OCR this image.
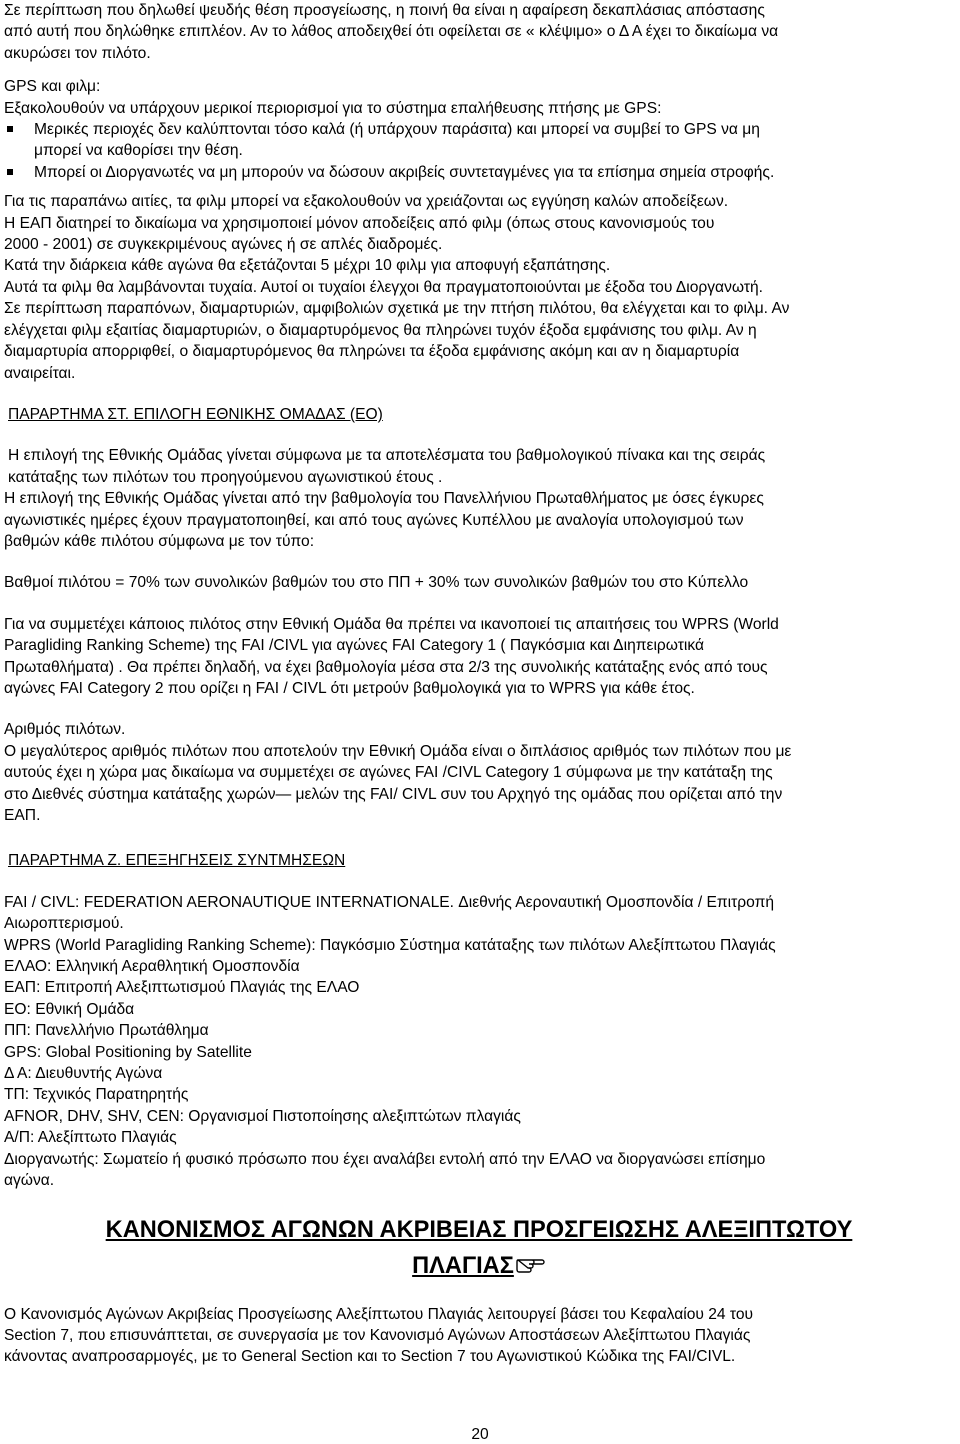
Σε περίπτωση που δηλωθεί ψευδής θέση προσγείωσης, η ποινή θα είναι η αφαίρεση δεκαπλάσιας απόστασης

από αυτή που δηλώθηκε επιπλέον. Αν το λάθος αποδειχθεί ότι οφείλεται σε « κλέψιμο» ο Δ Α έχει το δικαίωμα να

ακυρώσει τον πιλότο.

GPS και φιλμ:

Εξακολουθούν να υπάρχουν μερικοί περιορισμοί για το σύστημα επαλήθευσης πτήσης με GPS:

Μερικές περιοχές δεν καλύπτονται τόσο καλά (ή υπάρχουν παράσιτα) και μπορεί να συμβεί το GPS να μη
μπορεί να καθορίσει την θέση.
Μπορεί οι Διοργανωτές να μη μπορούν να δώσουν ακριβείς συντεταγμένες για τα επίσημα σημεία στροφής.

Για τις παραπάνω αιτίες, τα φιλμ μπορεί να εξακολουθούν να χρειάζονται ως εγγύηση καλών αποδείξεων.

Η ΕΑΠ διατηρεί το δικαίωμα να χρησιμοποιεί μόνον αποδείξεις από φιλμ (όπως στους κανονισμούς του

2000 - 2001) σε συγκεκριμένους αγώνες ή σε απλές διαδρομές.

Κατά την διάρκεια κάθε αγώνα θα εξετάζονται 5 μέχρι 10 φιλμ για αποφυγή εξαπάτησης.

Αυτά τα φιλμ θα λαμβάνονται τυχαία. Αυτοί οι τυχαίοι έλεγχοι θα πραγματοποιούνται με έξοδα του Διοργανωτή.

Σε περίπτωση παραπόνων, διαμαρτυριών, αμφιβολιών σχετικά με την πτήση πιλότου, θα ελέγχεται και το φιλμ. Αν

ελέγχεται φιλμ εξαιτίας διαμαρτυριών, ο διαμαρτυρόμενος θα πληρώνει τυχόν έξοδα εμφάνισης του φιλμ. Αν η

διαμαρτυρία απορριφθεί, ο διαμαρτυρόμενος θα πληρώνει τα έξοδα εμφάνισης ακόμη και αν η διαμαρτυρία

αναιρείται.

ΠΑΡΑΡΤΗΜΑ ΣΤ. ΕΠΙΛΟΓΗ ΕΘΝΙΚΗΣ ΟΜΑΔΑΣ (ΕΟ)

Η επιλογή της Εθνικής Ομάδας γίνεται σύμφωνα με τα αποτελέσματα του βαθμολογικού πίνακα και της σειράς

κατάταξης των πιλότων του προηγούμενου αγωνιστικού έτους .

Η επιλογή της Εθνικής Ομάδας γίνεται από την βαθμολογία του Πανελλήνιου Πρωταθλήματος με όσες έγκυρες

αγωνιστικές ημέρες έχουν πραγματοποιηθεί, και από τους αγώνες Κυπέλλου με αναλογία υπολογισμού των

βαθμών κάθε πιλότου σύμφωνα με τον τύπο:

Βαθμοί πιλότου = 70% των συνολικών βαθμών του στο ΠΠ + 30% των συνολικών βαθμών του στο Κύπελλο

Για να συμμετέχει κάποιος πιλότος στην Εθνική Ομάδα θα πρέπει να ικανοποιεί τις απαιτήσεις του WPRS (World

Paragliding Ranking Scheme) της FAI /CIVL για αγώνες FAI Category 1 ( Παγκόσμια και Διηπειρωτικά

Πρωταθλήματα) . Θα πρέπει δηλαδή, να έχει βαθμολογία μέσα στα 2/3 της συνολικής κατάταξης ενός από τους

αγώνες FAI Category 2 που ορίζει η FAI / CIVL ότι μετρούν βαθμολογικά για το WPRS για κάθε έτος.

Αριθμός πιλότων.

Ο μεγαλύτερος αριθμός πιλότων που αποτελούν την Εθνική Ομάδα είναι ο διπλάσιος αριθμός των πιλότων που με

αυτούς έχει η χώρα μας δικαίωμα να συμμετέχει σε αγώνες FAI /CIVL Category 1 σύμφωνα με την κατάταξη της

στο Διεθνές σύστημα κατάταξης χωρών— μελών της FAI/ CIVL συν του Αρχηγό της ομάδας που ορίζεται από την

ΕΑΠ.

ΠΑΡΑΡΤΗΜΑ Ζ. ΕΠΕΞΗΓΗΣΕΙΣ ΣΥΝΤΜΗΣΕΩΝ

FAI / CIVL: FEDERATION AERONAUTIQUE INTERNATIONALE. Διεθνής Αεροναυτική Ομοσπονδία / Επιτροπή

Αιωροπτερισμού.

WPRS (World Paragliding Ranking Scheme): Παγκόσμιο Σύστημα κατάταξης των πιλότων Αλεξίπτωτου Πλαγιάς

ΕΛΑΟ: Ελληνική Αεραθλητική Ομοσπονδία

ΕΑΠ: Επιτροπή Αλεξιπτωτισμού Πλαγιάς της ΕΛΑΟ

ΕΟ: Εθνική Ομάδα

ΠΠ: Πανελλήνιο Πρωτάθλημα

GPS: Global Positioning by Satellite

Δ Α: Διευθυντής Αγώνα

ΤΠ: Τεχνικός Παρατηρητής

AFNOR, DHV, SHV, CEN: Οργανισμοί Πιστοποίησης αλεξιπτώτων πλαγιάς

Α/Π: Αλεξίπτωτο Πλαγιάς

Διοργανωτής: Σωματείο ή φυσικό πρόσωπο που έχει αναλάβει εντολή από την ΕΛΑΟ να διοργανώσει επίσημο

αγώνα.

ΚΑΝΟΝΙΣΜΟΣ ΑΓΩΝΩΝ ΑΚΡΙΒΕΙΑΣ ΠΡΟΣΓΕΙΩΣΗΣ ΑΛΕΞΙΠΤΩΤΟΥ
ΠΛΑΓΙΑΣ

Ο Κανονισμός Αγώνων Ακριβείας Προσγείωσης Αλεξίπτωτου Πλαγιάς λειτουργεί βάσει του Κεφαλαίου 24 του

Section 7, που επισυνάπτεται, σε συνεργασία με τον Κανονισμό Αγώνων Αποστάσεων Αλεξίπτωτου Πλαγιάς

κάνοντας αναπροσαρμογές, με το General Section και το Section 7 του Αγωνιστικού Κώδικα της FAI/CIVL.

20
